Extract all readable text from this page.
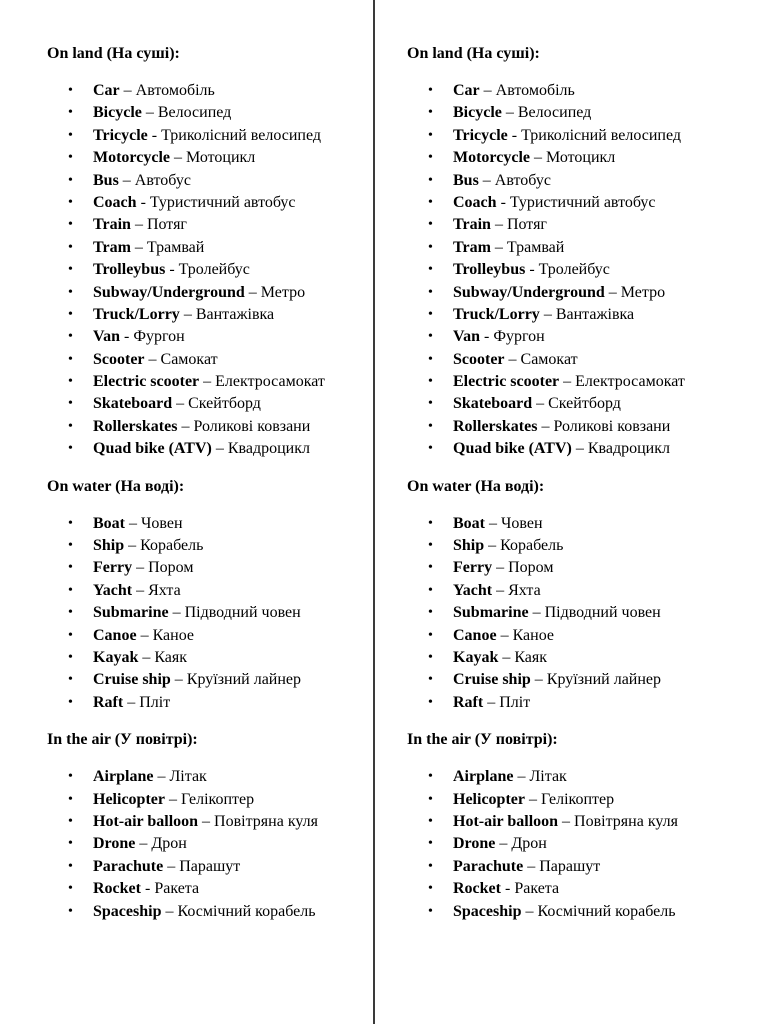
On land (На суші):
• Car – Автомобіль
• Bicycle – Велосипед
• Tricycle - Триколісний велосипед
• Motorcycle – Мотоцикл
• Bus – Автобус
• Coach - Туристичний автобус
• Train – Потяг
• Tram – Трамвай
• Trolleybus - Тролейбус
• Subway/Underground – Метро
• Truck/Lorry – Вантажівка
• Van - Фургон
• Scooter – Самокат
• Electric scooter – Електросамокат
• Skateboard – Скейтборд
• Rollerskates – Роликові ковзани
• Quad bike (ATV) – Квадроцикл
On water (На воді):
• Boat – Човен
• Ship – Корабель
• Ferry – Пором
• Yacht – Яхта
• Submarine – Підводний човен
• Canoe – Каное
• Kayak – Каяк
• Cruise ship – Круїзний лайнер
• Raft – Пліт
In the air (У повітрі):
• Airplane – Літак
• Helicopter – Гелікоптер
• Hot-air balloon – Повітряна куля
• Drone – Дрон
• Parachute – Парашут
• Rocket - Ракета
• Spaceship – Космічний корабель
On land (На суші):
• Car – Автомобіль
• Bicycle – Велосипед
• Tricycle - Триколісний велосипед
• Motorcycle – Мотоцикл
• Bus – Автобус
• Coach - Туристичний автобус
• Train – Потяг
• Tram – Трамвай
• Trolleybus - Тролейбус
• Subway/Underground – Метро
• Truck/Lorry – Вантажівка
• Van - Фургон
• Scooter – Самокат
• Electric scooter – Електросамокат
• Skateboard – Скейтборд
• Rollerskates – Роликові ковзани
• Quad bike (ATV) – Квадроцикл
On water (На воді):
• Boat – Човен
• Ship – Корабель
• Ferry – Пором
• Yacht – Яхта
• Submarine – Підводний човен
• Canoe – Каное
• Kayak – Каяк
• Cruise ship – Круїзний лайнер
• Raft – Пліт
In the air (У повітрі):
• Airplane – Літак
• Helicopter – Гелікоптер
• Hot-air balloon – Повітряна куля
• Drone – Дрон
• Parachute – Парашут
• Rocket - Ракета
• Spaceship – Космічний корабель
